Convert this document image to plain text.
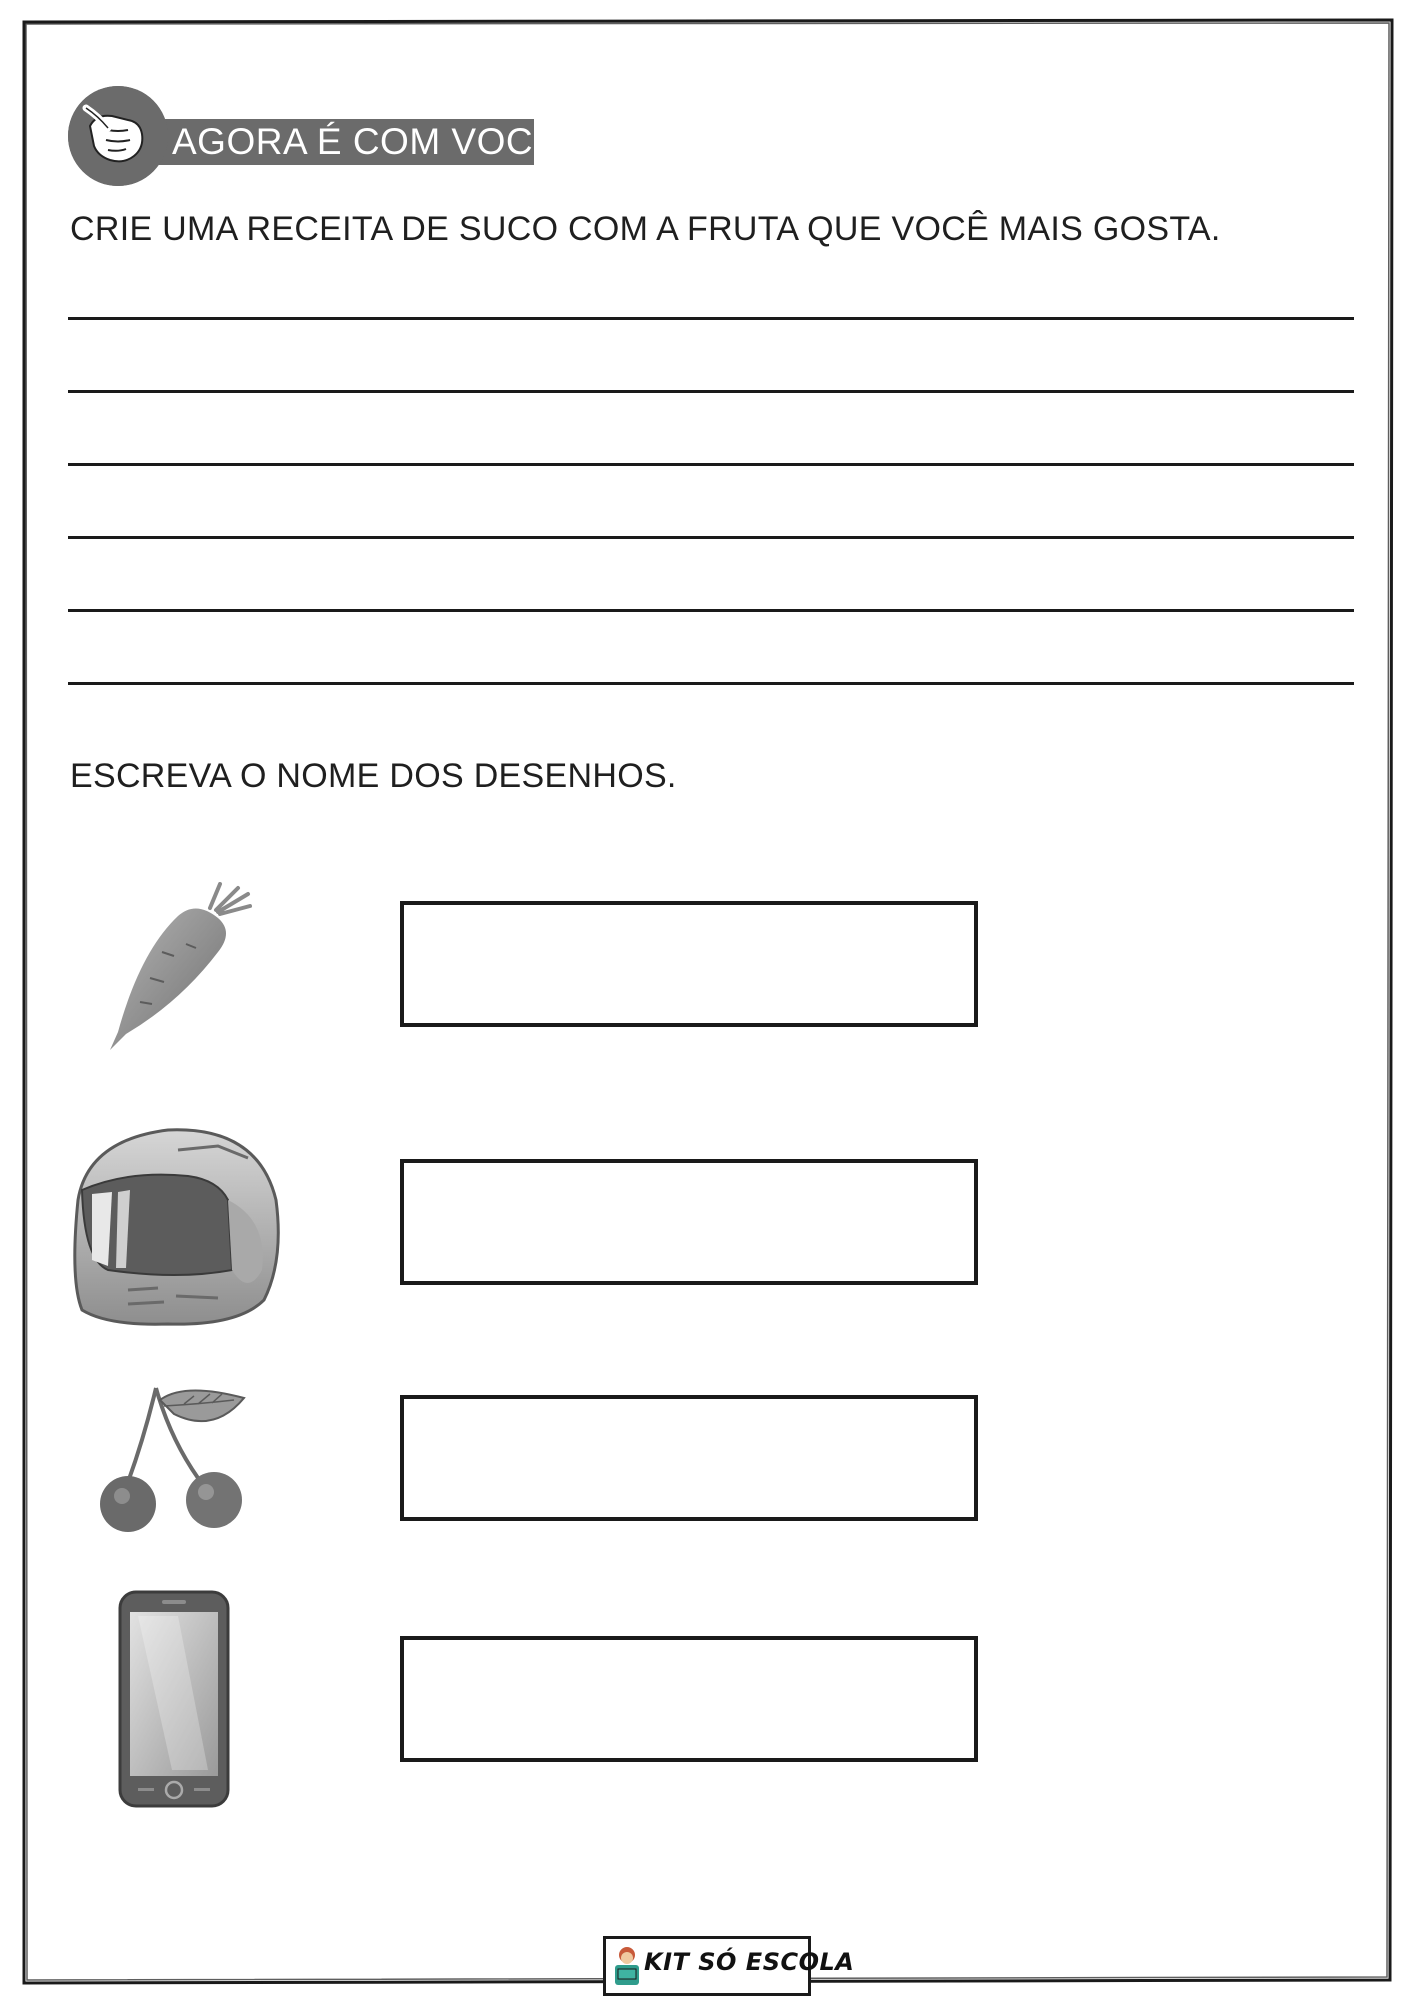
AGORA É COM VOCÊ!
CRIE UMA RECEITA DE SUCO COM A FRUTA QUE VOCÊ MAIS GOSTA.
ESCREVA O NOME DOS DESENHOS.
KIT SÓ ESCOLA
